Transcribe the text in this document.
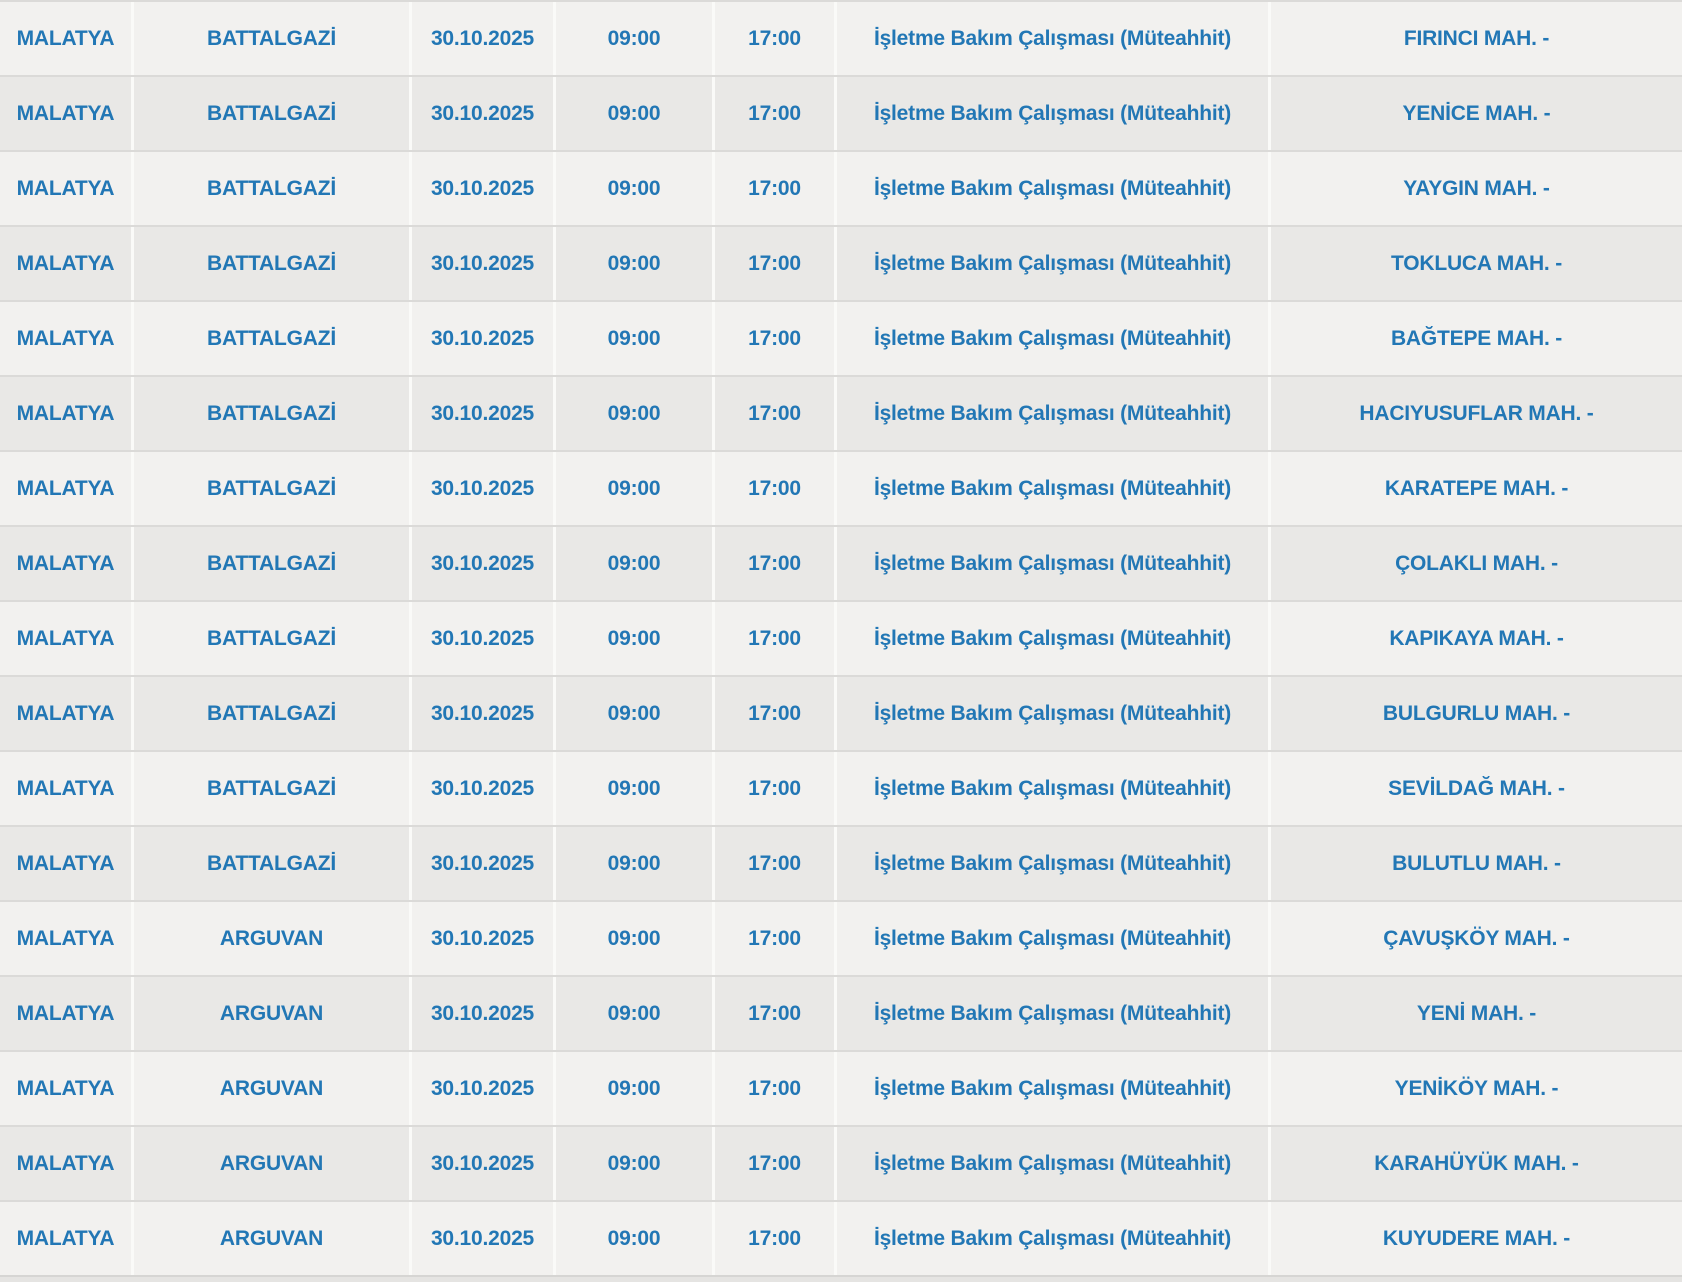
MALATYA	BATTALGAZİ	30.10.2025	09:00	17:00	İşletme Bakım Çalışması (Müteahhit)	FIRINCI MAH. -
MALATYA	BATTALGAZİ	30.10.2025	09:00	17:00	İşletme Bakım Çalışması (Müteahhit)	YENİCE MAH. -
MALATYA	BATTALGAZİ	30.10.2025	09:00	17:00	İşletme Bakım Çalışması (Müteahhit)	YAYGIN MAH. -
MALATYA	BATTALGAZİ	30.10.2025	09:00	17:00	İşletme Bakım Çalışması (Müteahhit)	TOKLUCA MAH. -
MALATYA	BATTALGAZİ	30.10.2025	09:00	17:00	İşletme Bakım Çalışması (Müteahhit)	BAĞTEPE MAH. -
MALATYA	BATTALGAZİ	30.10.2025	09:00	17:00	İşletme Bakım Çalışması (Müteahhit)	HACIYUSUFLAR MAH. -
MALATYA	BATTALGAZİ	30.10.2025	09:00	17:00	İşletme Bakım Çalışması (Müteahhit)	KARATEPE MAH. -
MALATYA	BATTALGAZİ	30.10.2025	09:00	17:00	İşletme Bakım Çalışması (Müteahhit)	ÇOLAKLI MAH. -
MALATYA	BATTALGAZİ	30.10.2025	09:00	17:00	İşletme Bakım Çalışması (Müteahhit)	KAPIKAYA MAH. -
MALATYA	BATTALGAZİ	30.10.2025	09:00	17:00	İşletme Bakım Çalışması (Müteahhit)	BULGURLU MAH. -
MALATYA	BATTALGAZİ	30.10.2025	09:00	17:00	İşletme Bakım Çalışması (Müteahhit)	SEVİLDAĞ MAH. -
MALATYA	BATTALGAZİ	30.10.2025	09:00	17:00	İşletme Bakım Çalışması (Müteahhit)	BULUTLU MAH. -
MALATYA	ARGUVAN	30.10.2025	09:00	17:00	İşletme Bakım Çalışması (Müteahhit)	ÇAVUŞKÖY MAH. -
MALATYA	ARGUVAN	30.10.2025	09:00	17:00	İşletme Bakım Çalışması (Müteahhit)	YENİ MAH. -
MALATYA	ARGUVAN	30.10.2025	09:00	17:00	İşletme Bakım Çalışması (Müteahhit)	YENİKÖY MAH. -
MALATYA	ARGUVAN	30.10.2025	09:00	17:00	İşletme Bakım Çalışması (Müteahhit)	KARAHÜYÜK MAH. -
MALATYA	ARGUVAN	30.10.2025	09:00	17:00	İşletme Bakım Çalışması (Müteahhit)	KUYUDERE MAH. -
